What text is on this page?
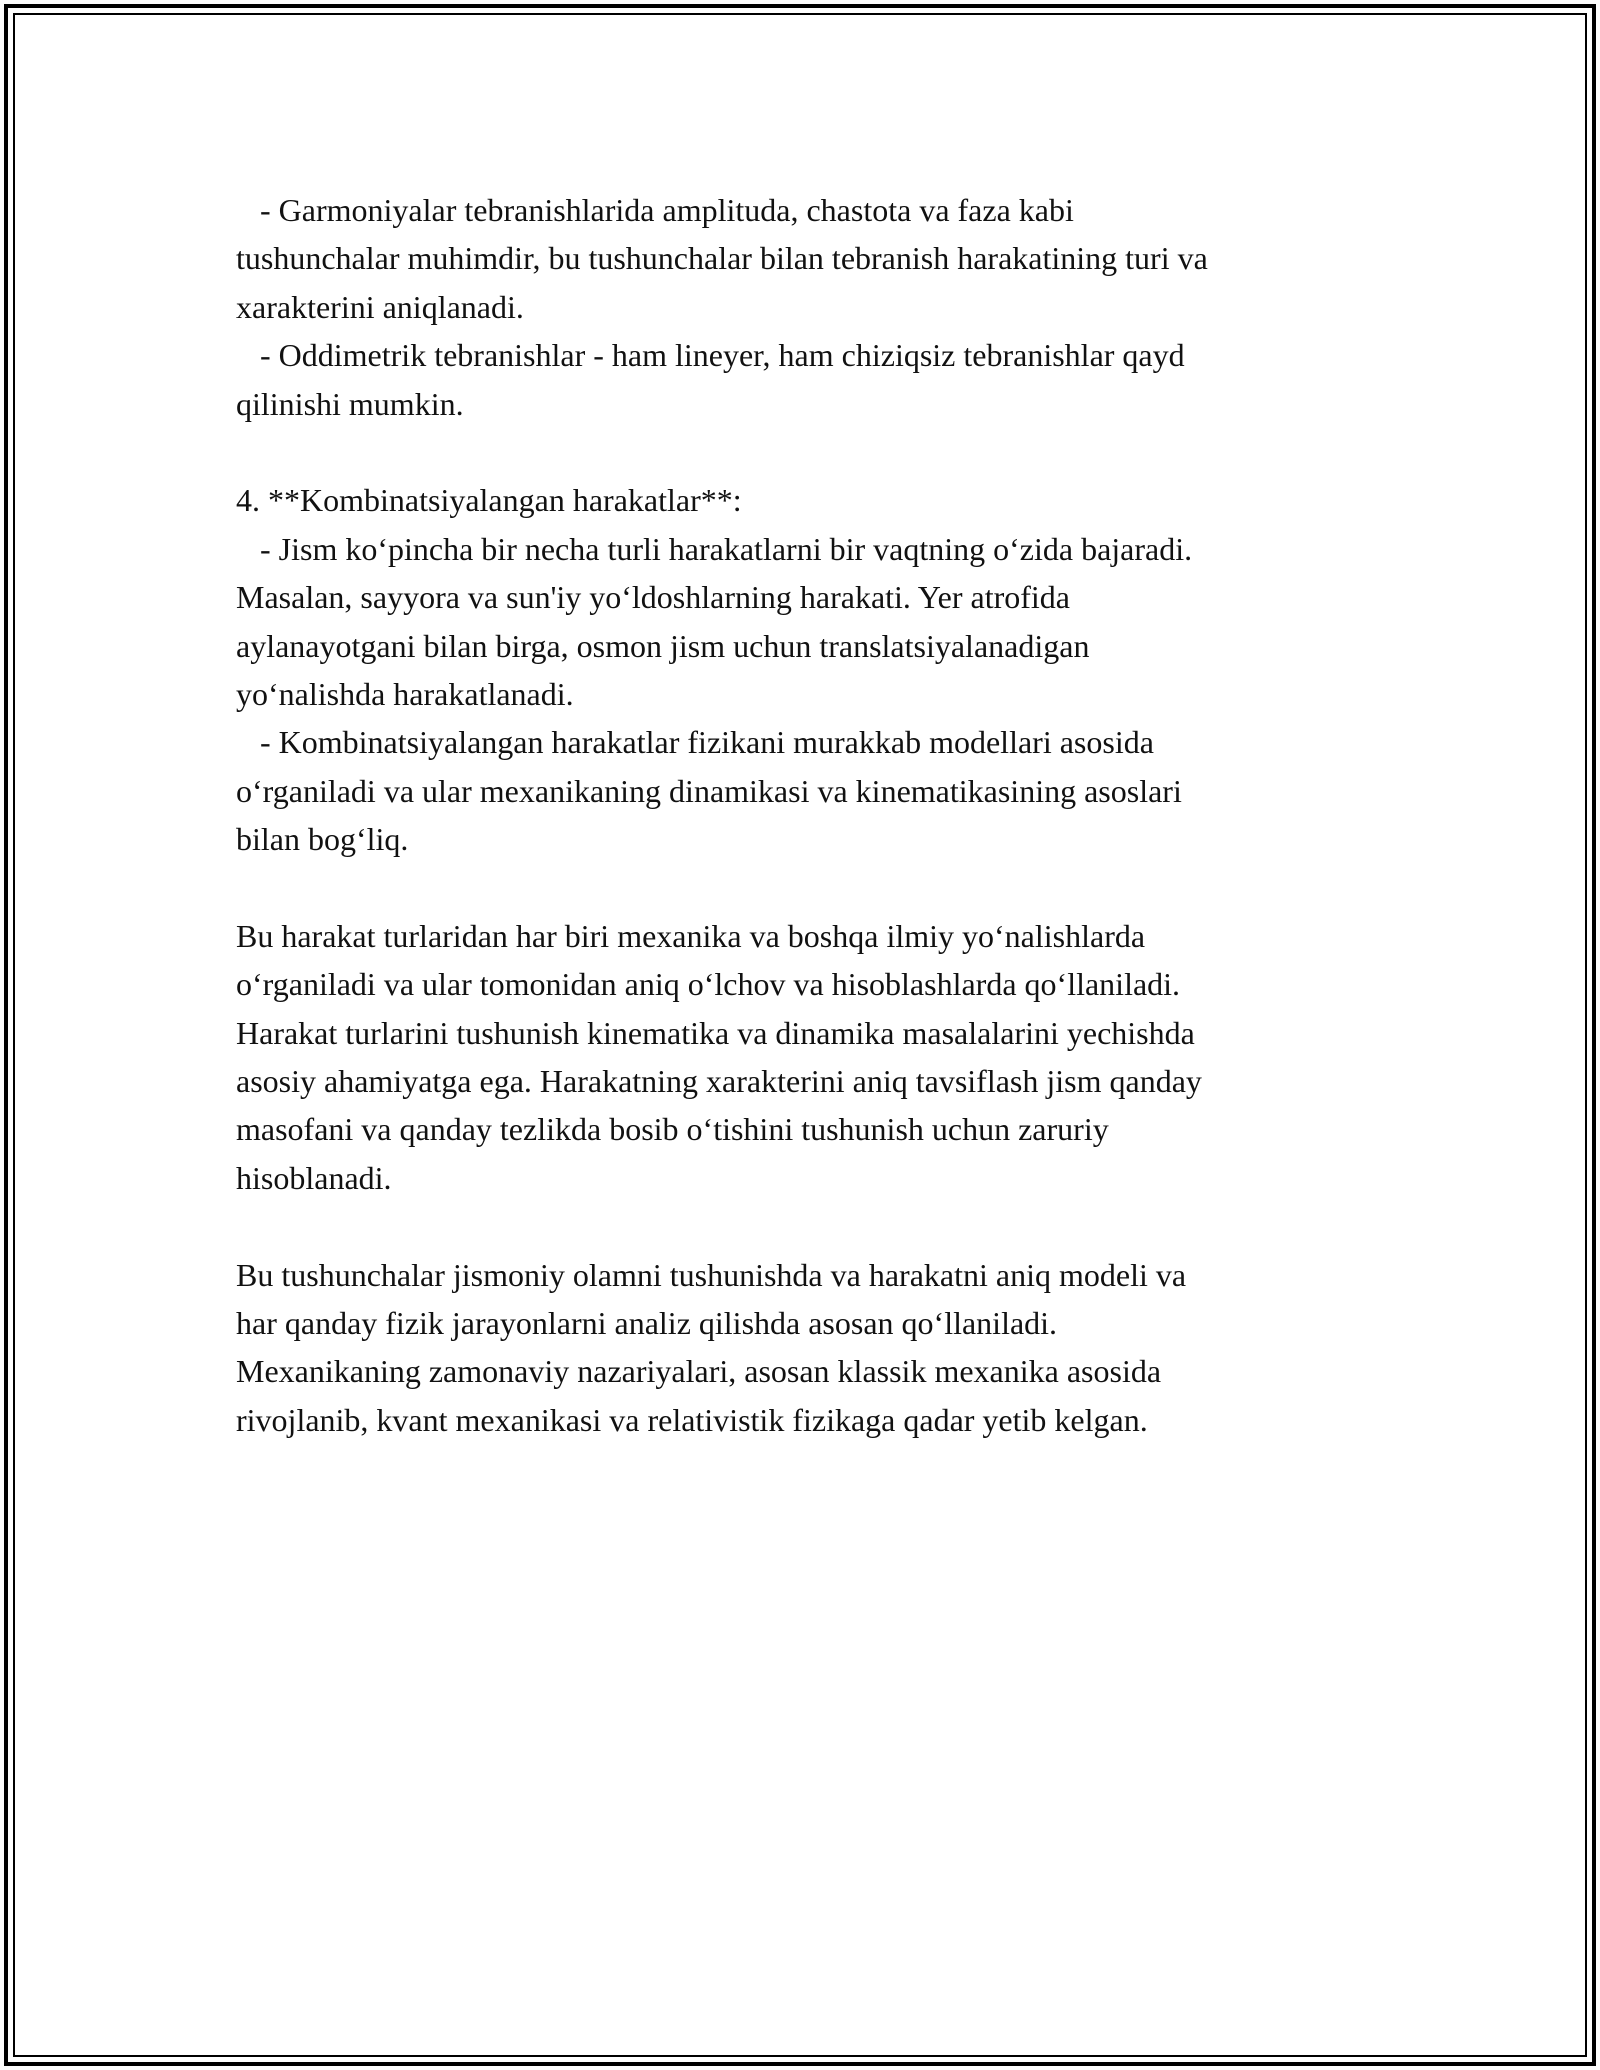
- Garmoniyalar tebranishlarida amplituda, chastota va faza kabi
tushunchalar muhimdir, bu tushunchalar bilan tebranish harakatining turi va
xarakterini aniqlanadi.
- Oddimetrik tebranishlar - ham lineyer, ham chiziqsiz tebranishlar qayd
qilinishi mumkin.
4. **Kombinatsiyalangan harakatlar**:
- Jism ko‘pincha bir necha turli harakatlarni bir vaqtning o‘zida bajaradi.
Masalan, sayyora va sun'iy yo‘ldoshlarning harakati. Yer atrofida
aylanayotgani bilan birga, osmon jism uchun translatsiyalanadigan
yo‘nalishda harakatlanadi.
- Kombinatsiyalangan harakatlar fizikani murakkab modellari asosida
o‘rganiladi va ular mexanikaning dinamikasi va kinematikasining asoslari
bilan bog‘liq.
Bu harakat turlaridan har biri mexanika va boshqa ilmiy yo‘nalishlarda
o‘rganiladi va ular tomonidan aniq o‘lchov va hisoblashlarda qo‘llaniladi.
Harakat turlarini tushunish kinematika va dinamika masalalarini yechishda
asosiy ahamiyatga ega. Harakatning xarakterini aniq tavsiflash jism qanday
masofani va qanday tezlikda bosib o‘tishini tushunish uchun zaruriy
hisoblanadi.
Bu tushunchalar jismoniy olamni tushunishda va harakatni aniq modeli va
har qanday fizik jarayonlarni analiz qilishda asosan qo‘llaniladi.
Mexanikaning zamonaviy nazariyalari, asosan klassik mexanika asosida
rivojlanib, kvant mexanikasi va relativistik fizikaga qadar yetib kelgan.
